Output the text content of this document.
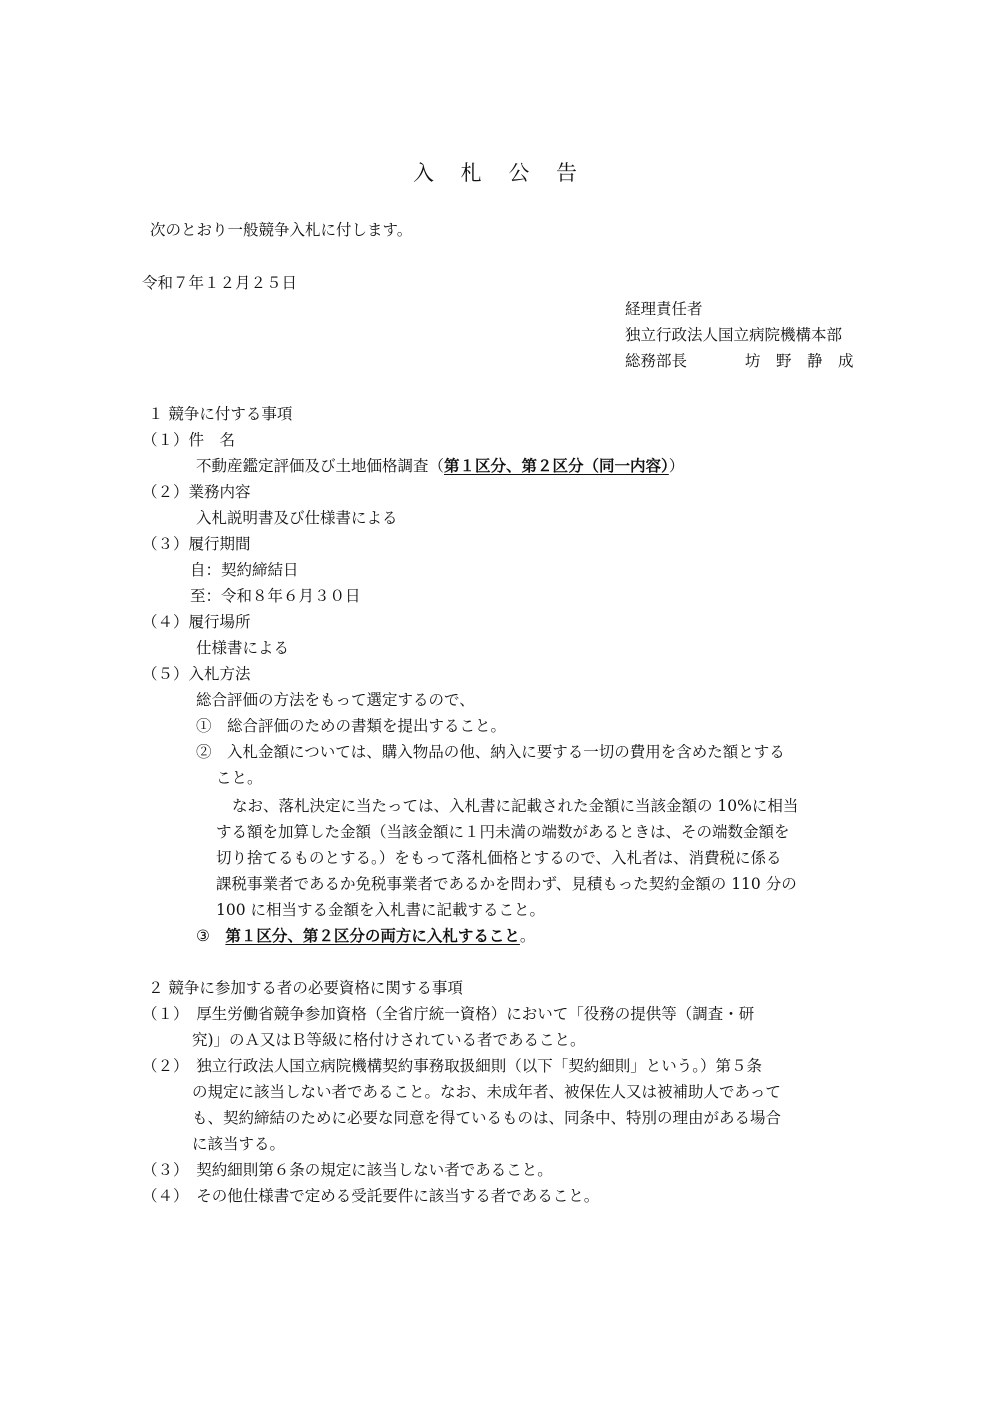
入 札 公 告
次のとおり一般競争入札に付します。
令和７年１２月２５日
経理責任者
独立行政法人国立病院機構本部
総務部長	坊　野　静　成
１ 競争に付する事項
（１）件　名
不動産鑑定評価及び土地価格調査（第１区分、第２区分（同一内容））
（２）業務内容
入札説明書及び仕様書による
（３）履行期間
自：契約締結日
至：令和８年６月３０日
（４）履行場所
仕様書による
（５）入札方法
総合評価の方法をもって選定するので、
①　総合評価のための書類を提出すること。
②　入札金額については、購入物品の他、納入に要する一切の費用を含めた額とする
こと。
なお、落札決定に当たっては、入札書に記載された金額に当該金額の 10%に相当
する額を加算した金額（当該金額に１円未満の端数があるときは、その端数金額を
切り捨てるものとする。）をもって落札価格とするので、入札者は、消費税に係る
課税事業者であるか免税事業者であるかを問わず、見積もった契約金額の 110 分の
100 に相当する金額を入札書に記載すること。
③　第１区分、第２区分の両方に入札すること。
２ 競争に参加する者の必要資格に関する事項
（１）　厚生労働省競争参加資格（全省庁統一資格）において「役務の提供等（調査・研
究)」のＡ又はＢ等級に格付けされている者であること。
（２）　独立行政法人国立病院機構契約事務取扱細則（以下「契約細則」という。）第５条
の規定に該当しない者であること。なお、未成年者、被保佐人又は被補助人であって
も、契約締結のために必要な同意を得ているものは、同条中、特別の理由がある場合
に該当する。
（３）　契約細則第６条の規定に該当しない者であること。
（４）　その他仕様書で定める受託要件に該当する者であること。
